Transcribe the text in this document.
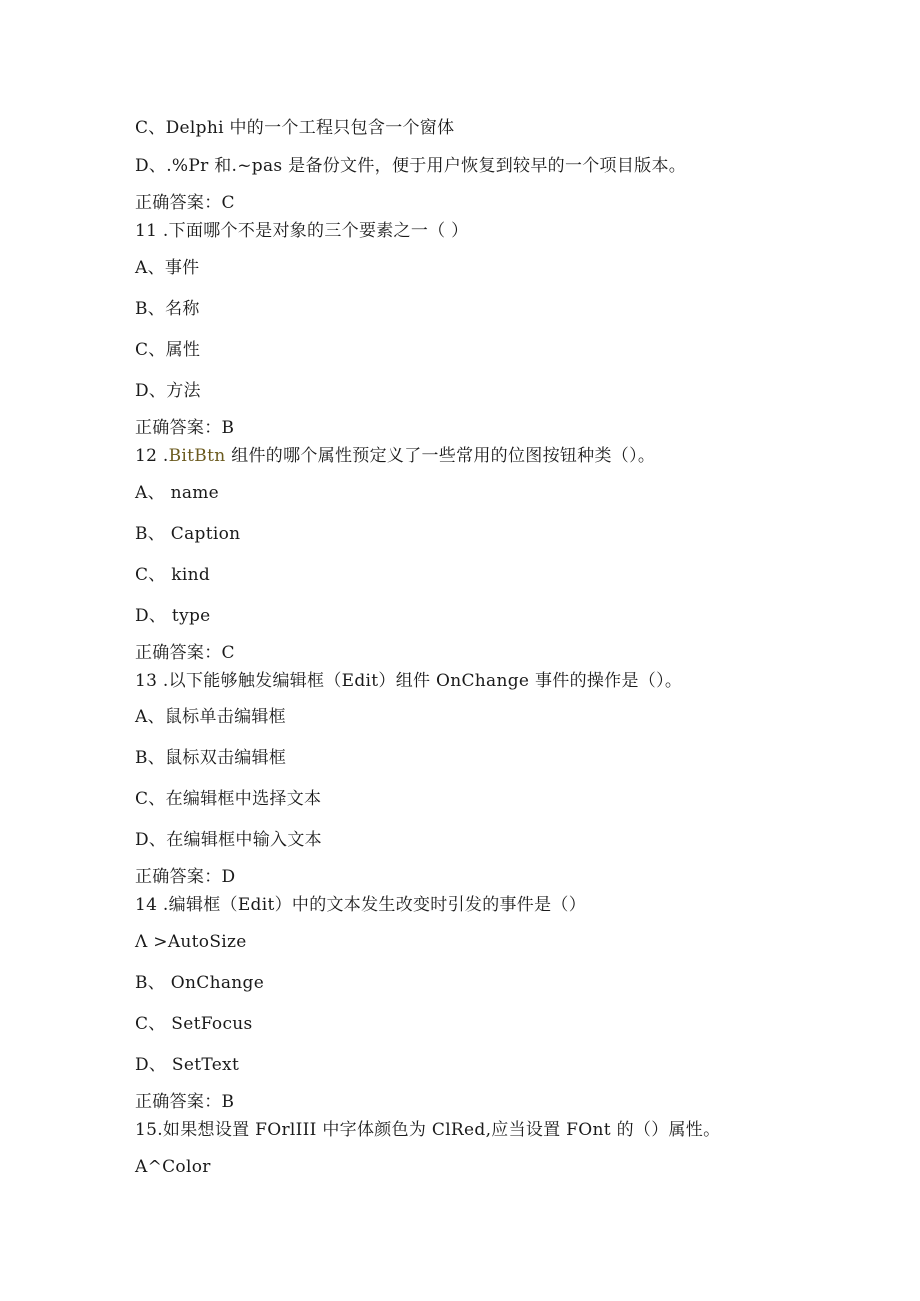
C、Delphi 中的一个工程只包含一个窗体
D、.%Pr 和.~pas 是备份文件，便于用户恢复到较早的一个项目版本。
正确答案：C
11 .下面哪个不是对象的三个要素之一（ ）
A、事件
B、名称
C、属性
D、方法
正确答案：B
12 .BitBtn 组件的哪个属性预定义了一些常用的位图按钮种类（）。
A、 name
B、 Caption
C、 kind
D、 type
正确答案：C
13 .以下能够触发编辑框（Edit）组件 OnChange 事件的操作是（）。
A、鼠标单击编辑框
B、鼠标双击编辑框
C、在编辑框中选择文本
D、在编辑框中输入文本
正确答案：D
14 .编辑框（Edit）中的文本发生改变时引发的事件是（）
Λ >AutoSize
B、 OnChange
C、 SetFocus
D、 SetText
正确答案：B
15.如果想设置 FOrlIII 中字体颜色为 ClRed,应当设置 FOnt 的（）属性。
A^Color
